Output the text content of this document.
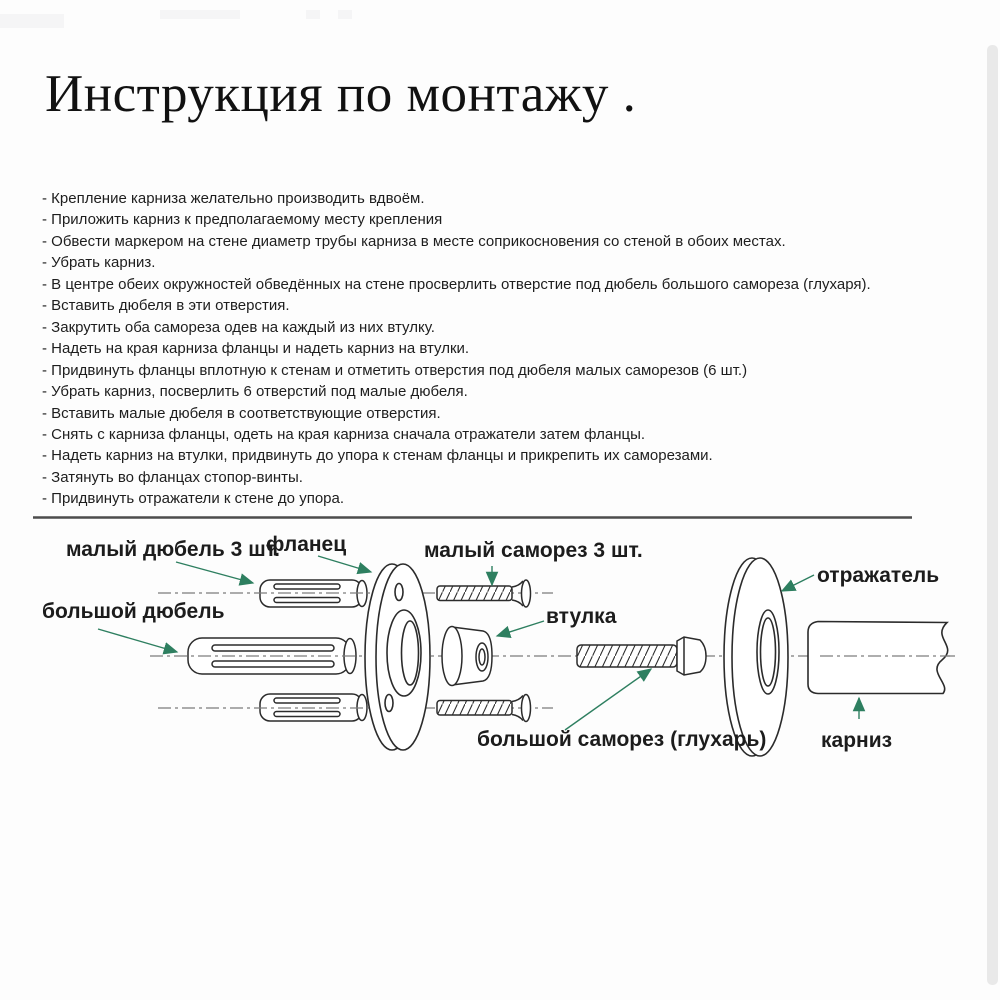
Инструкция по монтажу .
- Крепление карниза желательно производить вдвоём.
- Приложить карниз к предполагаемому месту крепления
- Обвести маркером на стене диаметр трубы карниза в месте соприкосновения со стеной в обоих местах.
- Убрать карниз.
- В центре обеих окружностей обведённых на стене просверлить отверстие под дюбель большого самореза (глухаря).
- Вставить дюбеля в эти отверстия.
- Закрутить оба самореза одев на каждый из них втулку.
- Надеть на края карниза фланцы и надеть карниз на втулки.
- Придвинуть фланцы вплотную к стенам и отметить отверстия под дюбеля малых саморезов (6 шт.)
- Убрать карниз, посверлить 6 отверстий под малые дюбеля.
- Вставить малые дюбеля в соответствующие отверстия.
- Снять с карниза фланцы, одеть на края карниза сначала отражатели затем фланцы.
- Надеть карниз на втулки, придвинуть до упора к стенам фланцы и прикрепить их саморезами.
- Затянуть во фланцах стопор-винты.
- Придвинуть отражатели к стене до упора.
малый дюбель 3 шт.
фланец	малый саморез 3 шт.
большой дюбель	втулка
отражатель
большой саморез (глухарь)	карниз
